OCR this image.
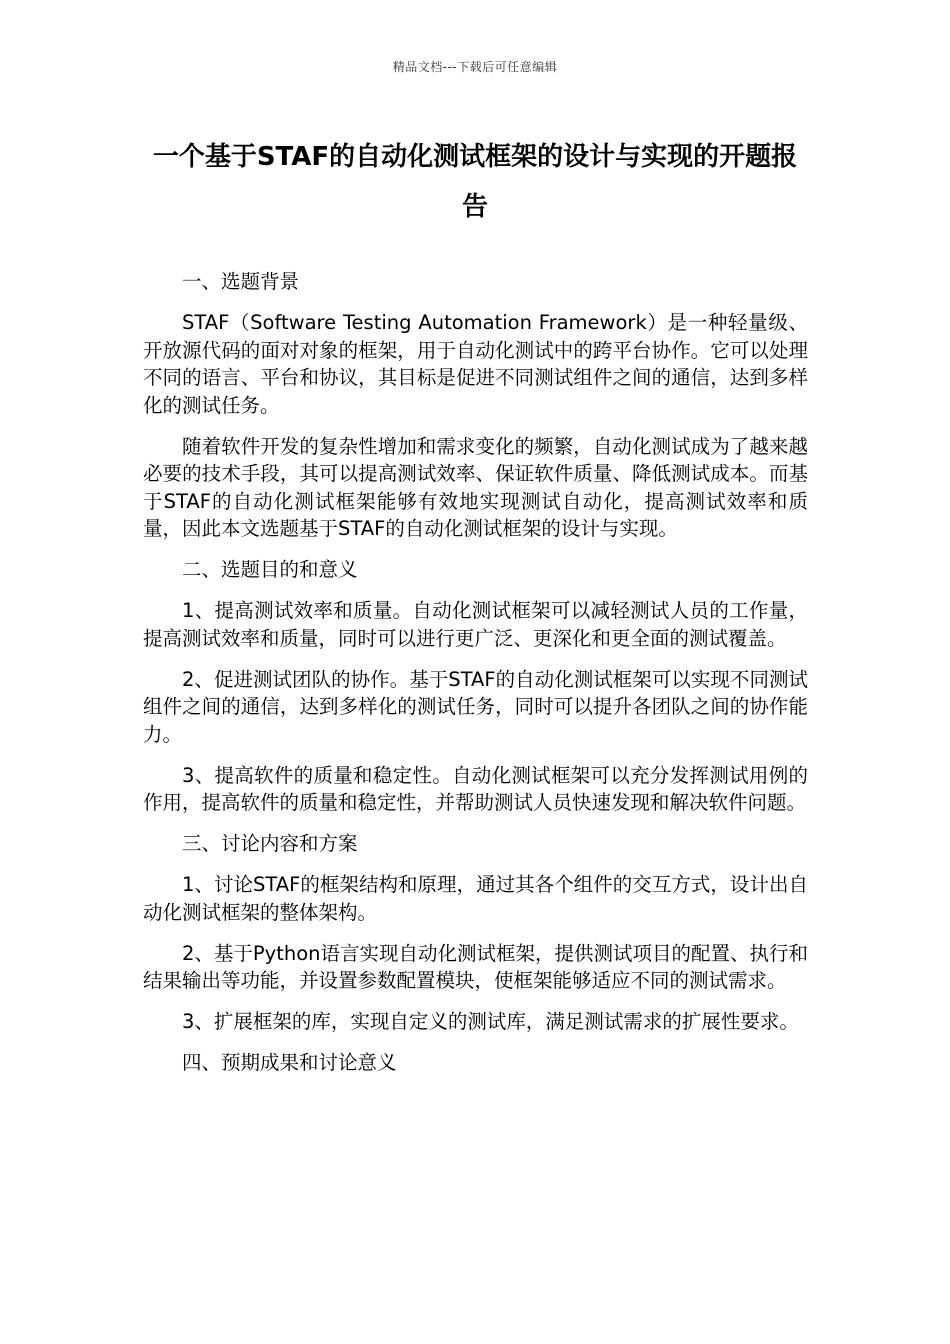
精品文档---下载后可任意编辑
一个基于STAF的自动化测试框架的设计与实现的开题报告

一、选题背景

STAF（Software Testing Automation Framework）是一种轻量级、开放源代码的面对对象的框架，用于自动化测试中的跨平台协作。它可以处理不同的语言、平台和协议，其目标是促进不同测试组件之间的通信，达到多样化的测试任务。

随着软件开发的复杂性增加和需求变化的频繁，自动化测试成为了越来越必要的技术手段，其可以提高测试效率、保证软件质量、降低测试成本。而基于STAF的自动化测试框架能够有效地实现测试自动化，提高测试效率和质量，因此本文选题基于STAF的自动化测试框架的设计与实现。

二、选题目的和意义

1、提高测试效率和质量。自动化测试框架可以减轻测试人员的工作量，提高测试效率和质量，同时可以进行更广泛、更深化和更全面的测试覆盖。

2、促进测试团队的协作。基于STAF的自动化测试框架可以实现不同测试组件之间的通信，达到多样化的测试任务，同时可以提升各团队之间的协作能力。

3、提高软件的质量和稳定性。自动化测试框架可以充分发挥测试用例的作用，提高软件的质量和稳定性，并帮助测试人员快速发现和解决软件问题。

三、讨论内容和方案

1、讨论STAF的框架结构和原理，通过其各个组件的交互方式，设计出自动化测试框架的整体架构。

2、基于Python语言实现自动化测试框架，提供测试项目的配置、执行和结果输出等功能，并设置参数配置模块，使框架能够适应不同的测试需求。

3、扩展框架的库，实现自定义的测试库，满足测试需求的扩展性要求。

四、预期成果和讨论意义
